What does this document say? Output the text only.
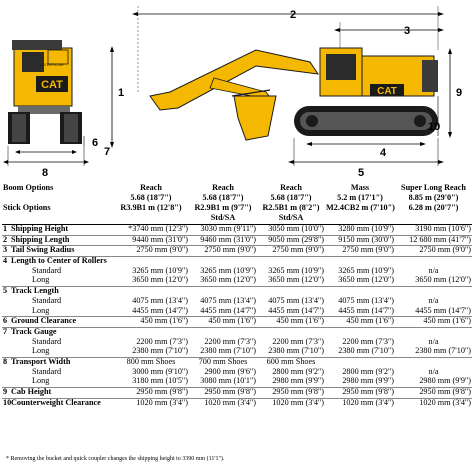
CAT
CATERPILLAR
1
6
7
8
2
3
CAT	9
10
4
5
Boom Options		Reach	Reach	Reach	Mass	Super Long Reach
		5.68 (18'7")	5.68 (18'7")	5.68 (18'7")	5.2 m (17'1")	8.85 m (29'0")
Stick Options		R3.9B1 m (12'8")	R2.9B1 m (9'7")	R2.5B1 m (8'2")	M2.4CB2 m (7'10")	6.28 m (20'7")
			Std/SA	Std/SA		
1	Shipping Height	*3740 mm (12'3")	3030 mm (9'11")	3050 mm (10'0")	3280 mm (10'9")	3190 mm (10'6")
2	Shipping Length	9440 mm (31'0")	9460 mm (31'0")	9050 mm (29'8")	9150 mm (30'0")	12 680 mm (41'7")
3	Tail Swing Radius	2750 mm (9'0")	2750 mm (9'0")	2750 mm (9'0")	2750 mm (9'0")	2750 mm (9'0")
4	Length to Center of Rollers					
	Standard	3265 mm (10'9")	3265 mm (10'9")	3265 mm (10'9")	3265 mm (10'9")	n/a
	Long	3650 mm (12'0")	3650 mm (12'0")	3650 mm (12'0")	3650 mm (12'0")	3650 mm (12'0")
5	Track Length					
	Standard	4075 mm (13'4")	4075 mm (13'4")	4075 mm (13'4")	4075 mm (13'4")	n/a
	Long	4455 mm (14'7")	4455 mm (14'7")	4455 mm (14'7")	4455 mm (14'7")	4455 mm (14'7")
6	Ground Clearance	450 mm (1'6")	450 mm (1'6")	450 mm (1'6")	450 mm (1'6")	450 mm (1'6")
7	Track Gauge					
	Standard	2200 mm (7'3")	2200 mm (7'3")	2200 mm (7'3")	2200 mm (7'3")	n/a
	Long	2380 mm (7'10")	2380 mm (7'10")	2380 mm (7'10")	2380 mm (7'10")	2380 mm (7'10")
8	Transport Width	800 mm Shoes	700 mm Shoes	600 mm Shoes		
	Standard	3000 mm (9'10")	2900 mm (9'6")	2800 mm (9'2")	2800 mm (9'2")	n/a
	Long	3180 mm (10'5")	3080 mm (10'1")	2980 mm (9'9")	2980 mm (9'9")	2980 mm (9'9")
9	Cab Height	2950 mm (9'8")	2950 mm (9'8")	2950 mm (9'8")	2950 mm (9'8")	2950 mm (9'8")
10	Counterweight Clearance	1020 mm (3'4")	1020 mm (3'4")	1020 mm (3'4")	1020 mm (3'4")	1020 mm (3'4")
* Removing the bucket and quick coupler changes the shipping height to 3390 mm (11'1").
